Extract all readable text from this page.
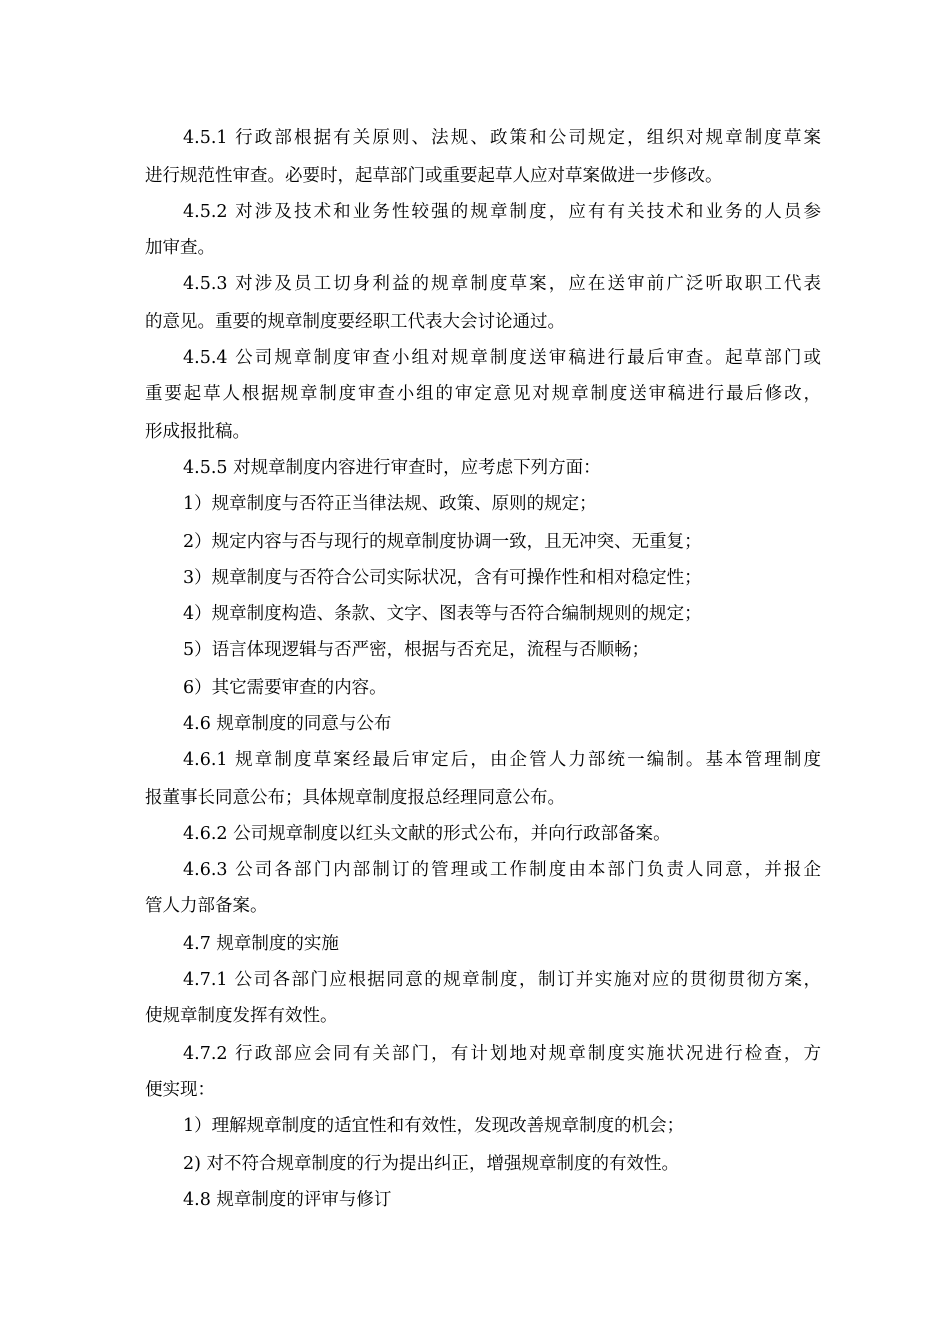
4.5.1 行政部根据有关原则、法规、政策和公司规定，组织对规章制度草案
进行规范性审查。必要时，起草部门或重要起草人应对草案做进一步修改。
4.5.2 对涉及技术和业务性较强的规章制度，应有有关技术和业务的人员参
加审查。
4.5.3 对涉及员工切身利益的规章制度草案，应在送审前广泛听取职工代表
的意见。重要的规章制度要经职工代表大会讨论通过。
4.5.4 公司规章制度审查小组对规章制度送审稿进行最后审查。起草部门或
重要起草人根据规章制度审查小组的审定意见对规章制度送审稿进行最后修改，
形成报批稿。
4.5.5 对规章制度内容进行审查时，应考虑下列方面：
1）规章制度与否符正当律法规、政策、原则的规定；
2）规定内容与否与现行的规章制度协调一致，且无冲突、无重复；
3）规章制度与否符合公司实际状况，含有可操作性和相对稳定性；
4）规章制度构造、条款、文字、图表等与否符合编制规则的规定；
5）语言体现逻辑与否严密，根据与否充足，流程与否顺畅；
6）其它需要审查的内容。
4.6 规章制度的同意与公布
4.6.1 规章制度草案经最后审定后，由企管人力部统一编制。基本管理制度
报董事长同意公布；具体规章制度报总经理同意公布。
4.6.2 公司规章制度以红头文献的形式公布，并向行政部备案。
4.6.3 公司各部门内部制订的管理或工作制度由本部门负责人同意，并报企
管人力部备案。
4.7 规章制度的实施
4.7.1 公司各部门应根据同意的规章制度，制订并实施对应的贯彻贯彻方案，
使规章制度发挥有效性。
4.7.2 行政部应会同有关部门，有计划地对规章制度实施状况进行检查，方
便实现：
1）理解规章制度的适宜性和有效性，发现改善规章制度的机会；
2) 对不符合规章制度的行为提出纠正，增强规章制度的有效性。
4.8 规章制度的评审与修订
